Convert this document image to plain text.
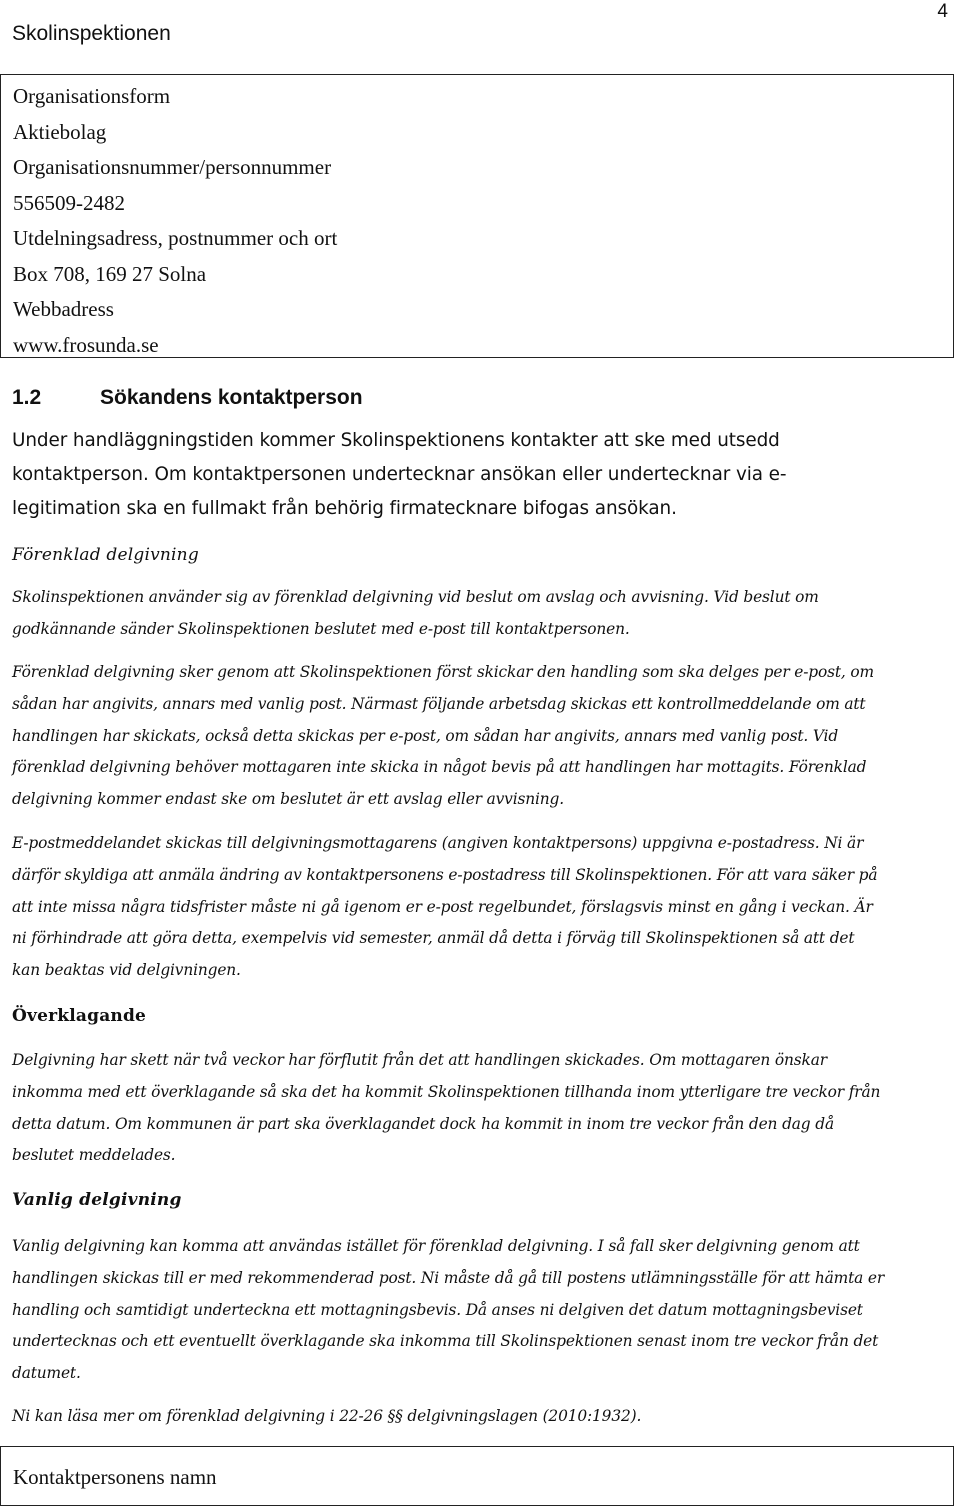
Skolinspektionen
4
Organisationsform
Aktiebolag
Organisationsnummer/personnummer
556509-2482
Utdelningsadress, postnummer och ort
Box 708, 169 27 Solna
Webbadress
www.frosunda.se
1.2	Sökandens kontaktperson
Under handläggningstiden kommer Skolinspektionens kontakter att ske med utsedd
kontaktperson. Om kontaktpersonen undertecknar ansökan eller undertecknar via e-
legitimation ska en fullmakt från behörig firmatecknare bifogas ansökan.
Förenklad delgivning
Skolinspektionen använder sig av förenklad delgivning vid beslut om avslag och avvisning. Vid beslut om
godkännande sänder Skolinspektionen beslutet med e-post till kontaktpersonen.
Förenklad delgivning sker genom att Skolinspektionen först skickar den handling som ska delges per e-post, om
sådan har angivits, annars med vanlig post. Närmast följande arbetsdag skickas ett kontrollmeddelande om att
handlingen har skickats, också detta skickas per e-post, om sådan har angivits, annars med vanlig post. Vid
förenklad delgivning behöver mottagaren inte skicka in något bevis på att handlingen har mottagits. Förenklad
delgivning kommer endast ske om beslutet är ett avslag eller avvisning.
E-postmeddelandet skickas till delgivningsmottagarens (angiven kontaktpersons) uppgivna e-postadress. Ni är
därför skyldiga att anmäla ändring av kontaktpersonens e-postadress till Skolinspektionen. För att vara säker på
att inte missa några tidsfrister måste ni gå igenom er e-post regelbundet, förslagsvis minst en gång i veckan. Är
ni förhindrade att göra detta, exempelvis vid semester, anmäl då detta i förväg till Skolinspektionen så att det
kan beaktas vid delgivningen.
Överklagande
Delgivning har skett när två veckor har förflutit från det att handlingen skickades. Om mottagaren önskar
inkomma med ett överklagande så ska det ha kommit Skolinspektionen tillhanda inom ytterligare tre veckor från
detta datum. Om kommunen är part ska överklagandet dock ha kommit in inom tre veckor från den dag då
beslutet meddelades.
Vanlig delgivning
Vanlig delgivning kan komma att användas istället för förenklad delgivning. I så fall sker delgivning genom att
handlingen skickas till er med rekommenderad post. Ni måste då gå till postens utlämningsställe för att hämta er
handling och samtidigt underteckna ett mottagningsbevis. Då anses ni delgiven det datum mottagningsbeviset
undertecknas och ett eventuellt överklagande ska inkomma till Skolinspektionen senast inom tre veckor från det
datumet.
Ni kan läsa mer om förenklad delgivning i 22-26 §§ delgivningslagen (2010:1932).
Kontaktpersonens namn
